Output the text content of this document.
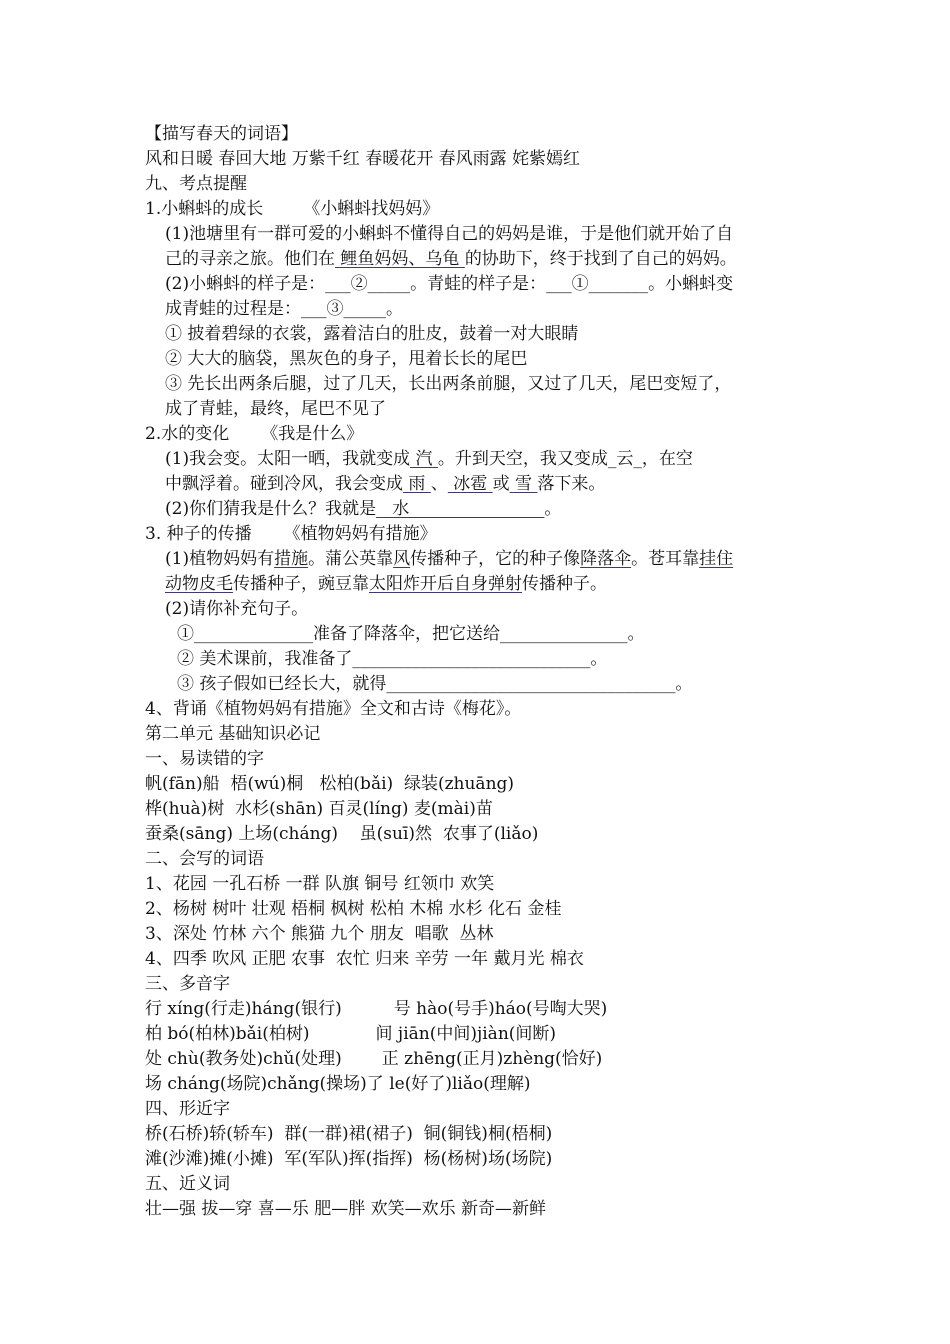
【描写春天的词语】
风和日暖 春回大地 万紫千红 春暖花开 春风雨露 姹紫嫣红
九、考点提醒
1.小蝌蚪的成长 《小蝌蚪找妈妈》
(1)池塘里有一群可爱的小蝌蚪不懂得自己的妈妈是谁，于是他们就开始了自
己的寻亲之旅。他们在 鲤鱼妈妈、乌龟 的协助下，终于找到了自己的妈妈。
(2)小蝌蚪的样子是：___②_____。青蛙的样子是：___①_______。小蝌蚪变
成青蛙的过程是：___③_____。
① 披着碧绿的衣裳，露着洁白的肚皮，鼓着一对大眼睛
② 大大的脑袋，黑灰色的身子，甩着长长的尾巴
③ 先长出两条后腿，过了几天，长出两条前腿，又过了几天，尾巴变短了，
成了青蛙，最终，尾巴不见了
2.水的变化 《我是什么》
(1)我会变。太阳一晒，我就变成 汽 。升到天空，我又变成_云_，在空
中飘浮着。碰到冷风，我会变成 雨 、 冰雹 或 雪 落下来。
(2)你们猜我是什么？我就是   水                         。
3. 种子的传播 《植物妈妈有措施》
(1)植物妈妈有措施。蒲公英靠风传播种子，它的种子像降落伞。苍耳靠挂住
动物皮毛传播种子，豌豆靠太阳炸开后自身弹射传播种子。
(2)请你补充句子。
①______________准备了降落伞，把它送给_______________。
② 美术课前，我准备了____________________________。
③ 孩子假如已经长大，就得__________________________________。
4、背诵《植物妈妈有措施》全文和古诗《梅花》。
第二单元 基础知识必记
一、易读错的字
帆(fān)船  梧(wú)桐   松柏(bǎi)  绿装(zhuāng)
桦(huà)树  水杉(shān) 百灵(líng) 麦(mài)苗
蚕桑(sāng) 上场(cháng)    虽(suī)然  农事了(liǎo)
二、会写的词语
1、花园 一孔石桥 一群 队旗 铜号 红领巾 欢笑
2、杨树 树叶 壮观 梧桐 枫树 松柏 木棉 水杉 化石 金桂
3、深处 竹林 六个 熊猫 九个 朋友  唱歌  丛林
4、四季 吹风 正肥 农事  农忙 归来 辛劳 一年 戴月光 棉衣
三、多音字
行 xíng(行走)háng(银行)	号 hào(号手)háo(号啕大哭)
柏 bó(柏林)bǎi(柏树)	间 jiān(中间)jiàn(间断)
处 chù(教务处)chǔ(处理) 正 zhēng(正月)zhèng(恰好)
场 cháng(场院)chǎng(操场)了 le(好了)liǎo(理解)
四、形近字
桥(石桥)轿(轿车)  群(一群)裙(裙子)  铜(铜钱)桐(梧桐)
滩(沙滩)摊(小摊)  军(军队)挥(指挥)  杨(杨树)场(场院)
五、近义词
壮—强 拔—穿 喜—乐 肥—胖 欢笑—欢乐 新奇—新鲜
